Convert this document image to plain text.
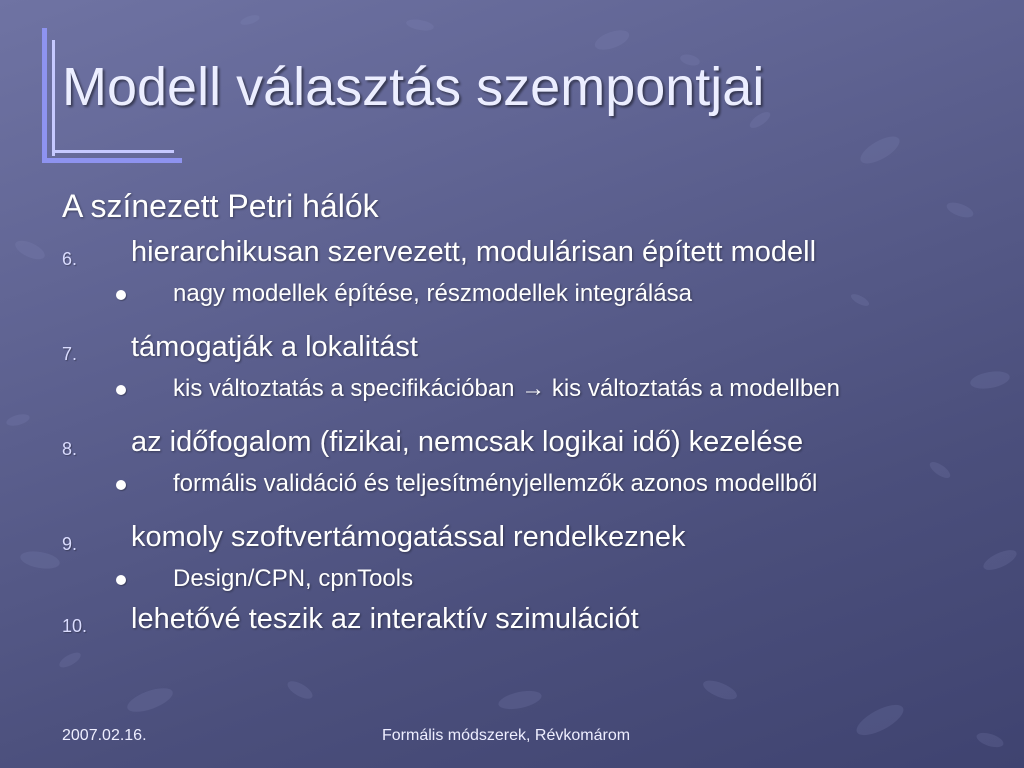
Modell választás szempontjai
A színezett Petri hálók
6. hierarchikusan szervezett, modulárisan épített modell
nagy modellek építése, részmodellek integrálása
7. támogatják a lokalitást
kis változtatás a specifikációban → kis változtatás a modellben
8. az időfogalom (fizikai, nemcsak logikai idő) kezelése
formális validáció és teljesítményjellemzők azonos modellből
9. komoly szoftvertámogatással rendelkeznek
Design/CPN, cpnTools
10. lehetővé teszik az interaktív szimulációt
2007.02.16.	Formális módszerek, Révkomárom
